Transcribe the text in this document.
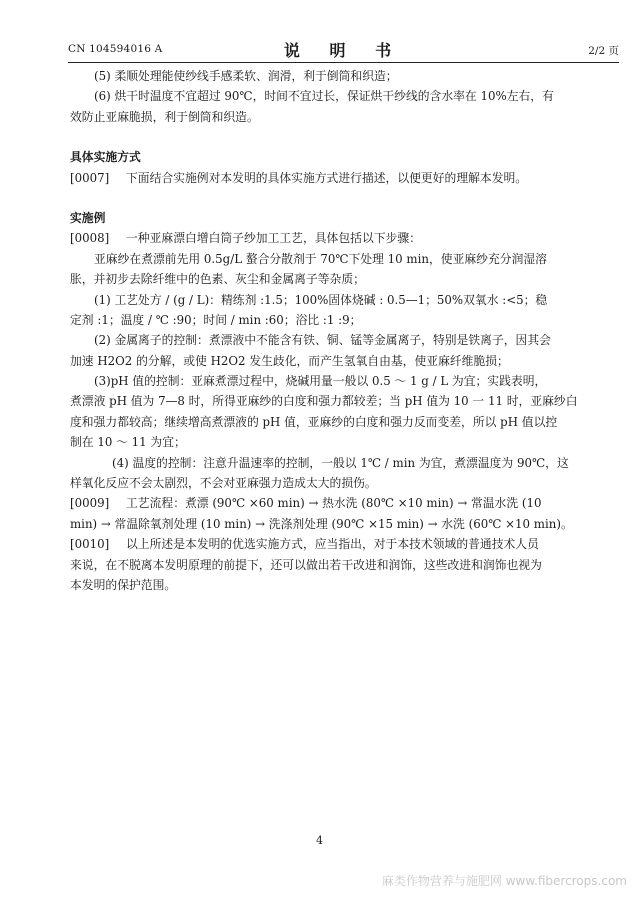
CN 104594016 A	说 明 书	2/2 页
(5) 柔顺处理能使纱线手感柔软、润滑，利于倒筒和织造；
(6) 烘干时温度不宜超过 90℃，时间不宜过长，保证烘干纱线的含水率在 10%左右，有
效防止亚麻脆损，利于倒筒和织造。
具体实施方式
[0007] 下面结合实施例对本发明的具体实施方式进行描述，以便更好的理解本发明。
实施例
[0008] 一种亚麻漂白增白筒子纱加工工艺，具体包括以下步骤：
亚麻纱在煮漂前先用 0.5g/L 螯合分散剂于 70℃下处理 10 min，使亚麻纱充分润湿溶
胀，并初步去除纤维中的色素、灰尘和金属离子等杂质；
(1) 工艺处方 / (g / L)：精练剂 :1.5；100%固体烧碱 : 0.5—1；50%双氧水 :<5；稳
定剂 :1；温度 / ℃ :90；时间 / min :60；浴比 :1 :9；
(2) 金属离子的控制：煮漂液中不能含有铁、铜、锰等金属离子，特别是铁离子，因其会
加速 H2O2 的分解，或使 H2O2 发生歧化，而产生氢氧自由基，使亚麻纤维脆损；
(3)pH 值的控制：亚麻煮漂过程中，烧碱用量一般以 0.5 ～ 1 g / L 为宜；实践表明，
煮漂液 pH 值为 7—8 时，所得亚麻纱的白度和强力都较差；当 pH 值为 10 一 11 时，亚麻纱白
度和强力都较高；继续增高煮漂液的 pH 值，亚麻纱的白度和强力反而变差，所以 pH 值以控
制在 10 ～ 11 为宜；
(4) 温度的控制：注意升温速率的控制，一般以 1℃ / min 为宜，煮漂温度为 90℃，这
样氧化反应不会太剧烈，不会对亚麻强力造成太大的损伤。
[0009] 工艺流程：煮漂 (90℃ ×60 min) → 热水洗 (80℃ ×10 min) → 常温水洗 (10
min) → 常温除氧剂处理 (10 min) → 洗涤剂处理 (90℃ ×15 min) → 水洗 (60℃ ×10 min)。
[0010] 以上所述是本发明的优选实施方式，应当指出，对于本技术领域的普通技术人员
来说，在不脱离本发明原理的前提下，还可以做出若干改进和润饰，这些改进和润饰也视为
本发明的保护范围。
4
麻类作物营养与施肥网 www.fibercrops.com
